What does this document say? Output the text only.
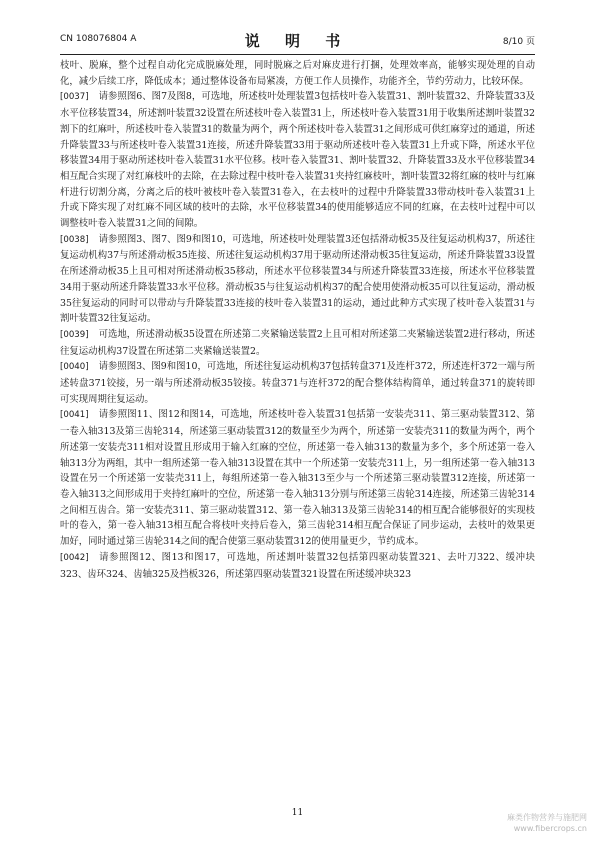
CN 108076804 A	说 明 书	8/10 页

枝叶、脱麻，整个过程自动化完成脱麻处理，同时脱麻之后对麻皮进行打捆，处理效率高，能够实现处理的自动化，减少后续工序，降低成本；通过整体设备布局紧凑，方便工作人员操作，功能齐全，节约劳动力，比较环保。

[0037] 请参照图6、图7及图8，可选地，所述枝叶处理装置3包括枝叶卷入装置31、割叶装置32、升降装置33及水平位移装置34，所述割叶装置32设置在所述枝叶卷入装置31上，所述枝叶卷入装置31用于收集所述割叶装置32割下的红麻叶，所述枝叶卷入装置31的数量为两个，两个所述枝叶卷入装置31之间形成可供红麻穿过的通道，所述升降装置33与所述枝叶卷入装置31连接，所述升降装置33用于驱动所述枝叶卷入装置31上升或下降，所述水平位移装置34用于驱动所述枝叶卷入装置31水平位移。枝叶卷入装置31、割叶装置32、升降装置33及水平位移装置34相互配合实现了对红麻枝叶的去除，在去除过程中枝叶卷入装置31夹持红麻枝叶，割叶装置32将红麻的枝叶与红麻杆进行切割分离，分离之后的枝叶被枝叶卷入装置31卷入，在去枝叶的过程中升降装置33带动枝叶卷入装置31上升或下降实现了对红麻不同区域的枝叶的去除，水平位移装置34的使用能够适应不同的红麻，在去枝叶过程中可以调整枝叶卷入装置31之间的间隙。

[0038] 请参照图3、图7、图9和图10，可选地，所述枝叶处理装置3还包括滑动板35及往复运动机构37，所述往复运动机构37与所述滑动板35连接、所述往复运动机构37用于驱动所述滑动板35往复运动，所述升降装置33设置在所述滑动板35上且可相对所述滑动板35移动，所述水平位移装置34与所述升降装置33连接，所述水平位移装置34用于驱动所述升降装置33水平位移。滑动板35与往复运动机构37的配合使用使滑动板35可以往复运动，滑动板35往复运动的同时可以带动与升降装置33连接的枝叶卷入装置31的运动，通过此种方式实现了枝叶卷入装置31与割叶装置32往复运动。

[0039] 可选地，所述滑动板35设置在所述第二夹紧输送装置2上且可相对所述第二夹紧输送装置2进行移动，所述往复运动机构37设置在所述第二夹紧输送装置2。

[0040] 请参照图3、图9和图10，可选地，所述往复运动机构37包括转盘371及连杆372，所述连杆372一端与所述转盘371铰接，另一端与所述滑动板35铰接。转盘371与连杆372的配合整体结构简单，通过转盘371的旋转即可实现周期往复运动。

[0041] 请参照图11、图12和图14，可选地，所述枝叶卷入装置31包括第一安装壳311、第三驱动装置312、第一卷入轴313及第三齿轮314，所述第三驱动装置312的数量至少为两个，所述第一安装壳311的数量为两个，两个所述第一安装壳311相对设置且形成用于输入红麻的空位，所述第一卷入轴313的数量为多个，多个所述第一卷入轴313分为两组，其中一组所述第一卷入轴313设置在其中一个所述第一安装壳311上，另一组所述第一卷入轴313设置在另一个所述第一安装壳311上，每组所述第一卷入轴313至少与一个所述第三驱动装置312连接，所述第一卷入轴313之间形成用于夹持红麻叶的空位，所述第一卷入轴313分别与所述第三齿轮314连接，所述第三齿轮314之间相互齿合。第一安装壳311、第三驱动装置312、第一卷入轴313及第三齿轮314的相互配合能够很好的实现枝叶的卷入，第一卷入轴313相互配合将枝叶夹持后卷入，第三齿轮314相互配合保证了同步运动，去枝叶的效果更加好，同时通过第三齿轮314之间的配合使第三驱动装置312的使用量更少，节约成本。

[0042] 请参照图12、图13和图17，可选地，所述割叶装置32包括第四驱动装置321、去叶刀322、缓冲块323、齿环324、齿轴325及挡板326，所述第四驱动装置321设置在所述缓冲块323

11	麻类作物营养与施肥网
www.fibercrops.cn
